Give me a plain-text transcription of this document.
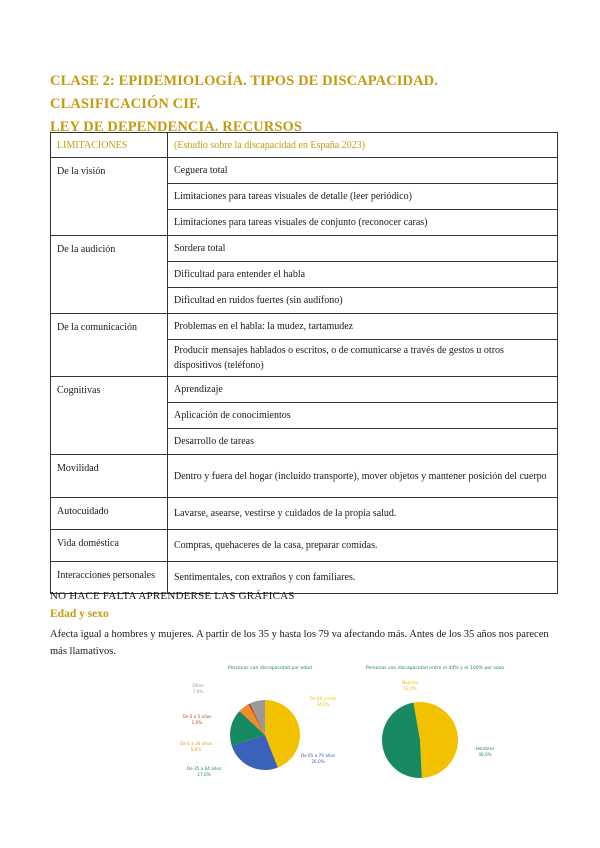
CLASE 2: EPIDEMIOLOGÍA. TIPOS DE DISCAPACIDAD. CLASIFICACIÓN CIF.
LEY DE DEPENDENCIA. RECURSOS
LIMITACIONES	(Estudio sobre la discapacidad en España 2023)
De la visión	Ceguera total
	Limitaciones para tareas visuales de detalle (leer periódico)
	Limitaciones para tareas visuales de conjunto (reconocer caras)
De la audición	Sordera total
	Dificultad para entender el habla
	Dificultad en ruidos fuertes (sin audífono)
De la comunicación	Problemas en el habla: la mudez, tartamudez
	Producir mensajes hablados o escritos, o de comunicarse a través de gestos u otros dispositivos (teléfono)
Cognitivas	Aprendizaje
	Aplicación de conocimientos
	Desarrollo de tareas
Movilidad	Dentro y fuera del hogar (incluido transporte), mover objetos y mantener posición del cuerpo
Autocuidado	Lavarse, asearse, vestirse y cuidados de la propia salud.
Vida doméstica	Compras, quehaceres de la casa, preparar comidas.
Interacciones personales	Sentimentales, con extraños y con familiares.
NO HACE FALTA APRENDERSE LAS GRÁFICAS
Edad y sexo
Afecta igual a hombres y mujeres. A partir de los 35 y hasta los 79 va afectando más. Antes de los 35 años nos parecen más llamativos.
Personas con discapacidad por edad
De 80 y más
44,0%
De 65 a 79 años
26,0%
De 35 a 64 años
17,0%
De 6 a 34 años
5,0%
De 0 a 5 años
1,0%
Otros
7,0%
Personas con discapacidad entre el 44% y el 100% por sexo
Mujeres
52,0%
Hombres
48,0%
